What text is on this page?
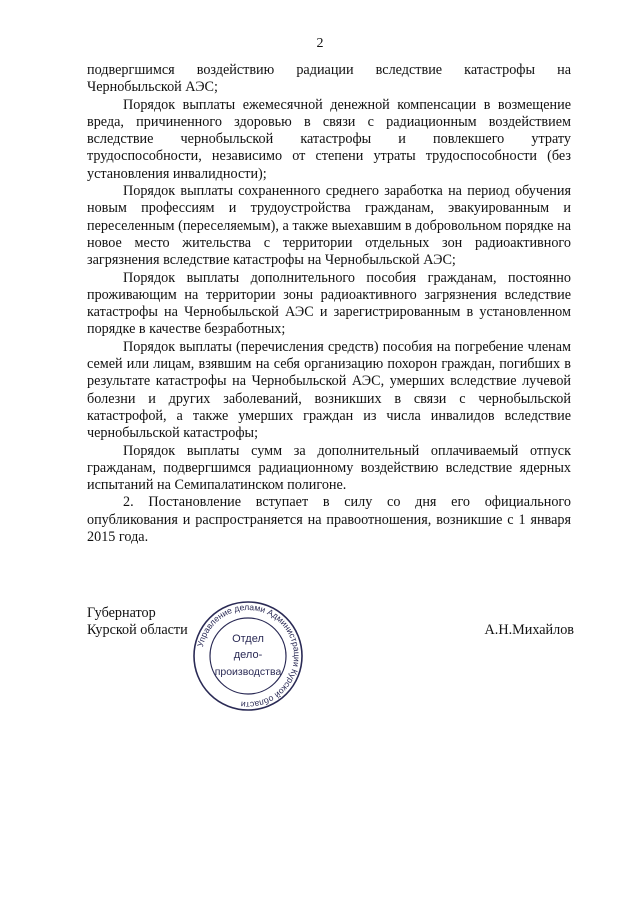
2

подвергшимся воздействию радиации вследствие катастрофы на Чернобыльской АЭС;

Порядок выплаты ежемесячной денежной компенсации в возмещение вреда, причиненного здоровью в связи с радиационным воздействием вследствие чернобыльской катастрофы и повлекшего утрату трудоспособности, независимо от степени утраты трудоспособности (без установления инвалидности);

Порядок выплаты сохраненного среднего заработка на период обучения новым профессиям и трудоустройства гражданам, эвакуированным и переселенным (переселяемым), а также выехавшим в добровольном порядке на новое место жительства с территории отдельных зон радиоактивного загрязнения вследствие катастрофы на Чернобыльской АЭС;

Порядок выплаты дополнительного пособия гражданам, постоянно проживающим на территории зоны радиоактивного загрязнения вследствие катастрофы на Чернобыльской АЭС и зарегистрированным в установленном порядке в качестве безработных;

Порядок выплаты (перечисления средств) пособия на погребение членам семей или лицам, взявшим на себя организацию похорон граждан, погибших в результате катастрофы на Чернобыльской АЭС, умерших вследствие лучевой болезни и других заболеваний, возникших в связи с чернобыльской катастрофой, а также умерших граждан из числа инвалидов вследствие чернобыльской катастрофы;

Порядок выплаты сумм за дополнительный оплачиваемый отпуск гражданам, подвергшимся радиационному воздействию вследствие ядерных испытаний на Семипалатинском полигоне.

2. Постановление вступает в силу со дня его официального опубликования и распространяется на правоотношения, возникшие с 1 января 2015 года.

Губернатор
Курской области	А.Н.Михайлов
Управление делами Администрации Курской области
Отдел
дело-
производства
